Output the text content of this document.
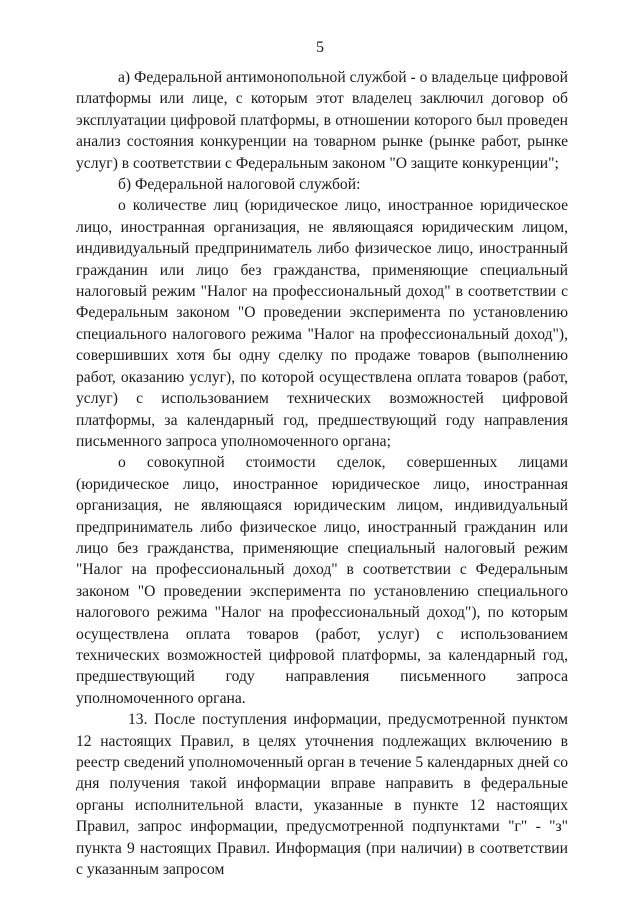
5

а) Федеральной антимонопольной службой - о владельце цифровой платформы или лице, с которым этот владелец заключил договор об эксплуатации цифровой платформы, в отношении которого был проведен анализ состояния конкуренции на товарном рынке (рынке работ, рынке услуг) в соответствии с Федеральным законом "О защите конкуренции";

б) Федеральной налоговой службой:

о количестве лиц (юридическое лицо, иностранное юридическое лицо, иностранная организация, не являющаяся юридическим лицом, индивидуальный предприниматель либо физическое лицо, иностранный гражданин или лицо без гражданства, применяющие специальный налоговый режим "Налог на профессиональный доход" в соответствии с Федеральным законом "О проведении эксперимента по установлению специального налогового режима "Налог на профессиональный доход"), совершивших хотя бы одну сделку по продаже товаров (выполнению работ, оказанию услуг), по которой осуществлена оплата товаров (работ, услуг) с использованием технических возможностей цифровой платформы, за календарный год, предшествующий году направления письменного запроса уполномоченного органа;

о совокупной стоимости сделок, совершенных лицами (юридическое лицо, иностранное юридическое лицо, иностранная организация, не являющаяся юридическим лицом, индивидуальный предприниматель либо физическое лицо, иностранный гражданин или лицо без гражданства, применяющие специальный налоговый режим "Налог на профессиональный доход" в соответствии с Федеральным законом "О проведении эксперимента по установлению специального налогового режима "Налог на профессиональный доход"), по которым осуществлена оплата товаров (работ, услуг) с использованием технических возможностей цифровой платформы, за календарный год, предшествующий году направления письменного запроса уполномоченного органа.

13. После поступления информации, предусмотренной пунктом 12 настоящих Правил, в целях уточнения подлежащих включению в реестр сведений уполномоченный орган в течение 5 календарных дней со дня получения такой информации вправе направить в федеральные органы исполнительной власти, указанные в пункте 12 настоящих Правил, запрос информации, предусмотренной подпунктами "г" - "з" пункта 9 настоящих Правил. Информация (при наличии) в соответствии с указанным запросом
